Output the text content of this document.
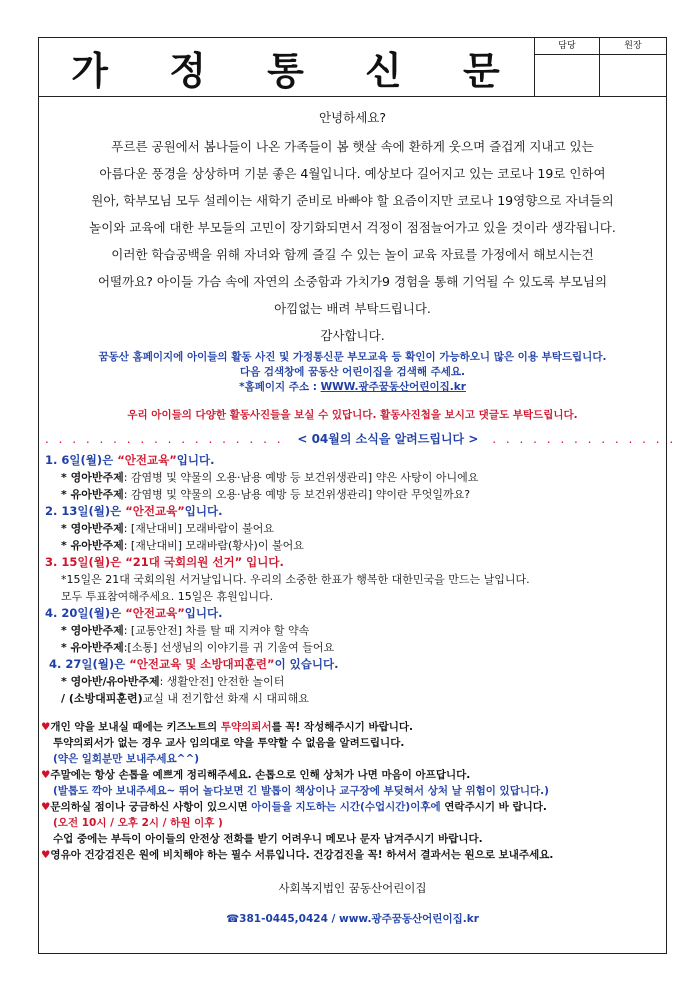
가 정 통 신 문
담당	원장
안녕하세요?
푸르른 공원에서 봄나들이 나온 가족들이 봄 햇살 속에 환하게 웃으며 즐겁게 지내고 있는
아름다운 풍경을 상상하며 기분 좋은 4월입니다. 예상보다 길어지고 있는 코로나 19로 인하여
원아, 학부모님 모두 설레이는 새학기 준비로 바빠야 할 요즘이지만 코로나 19영향으로 자녀들의
놀이와 교육에 대한 부모들의 고민이 장기화되면서 걱정이 점점늘어가고 있을 것이라 생각됩니다.
이러한 학습공백을 위해 자녀와 함께 즐길 수 있는 놀이 교육 자료를 가정에서 해보시는건
어떨까요? 아이들 가슴 속에 자연의 소중함과 가치가9 경험을 통해 기억될 수 있도록 부모님의
아낌없는 배려 부탁드립니다.
감사합니다.
꿈동산 홈페이지에 아이들의 활동 사진 및 가정통신문 부모교육 등 확인이 가능하오니 많은 이용 부탁드립니다.
다음 검색창에 꿈동산 어린이집을 검색해 주세요.
*홈페이지 주소 : WWW.광주꿈동산어린이집.kr
우리 아이들의 다양한 활동사진들을 보실 수 있답니다. 활동사진첩을 보시고 댓글도 부탁드립니다.
. . . . . . . . . . . . . . . . . . < 04월의 소식을 알려드립니다 > . . . . . . . . . . . . . .
1. 6일(월)은 “안전교육”입니다.
* 영아반주제: 감염병 및 약물의 오용·남용 예방 등 보건위생관리] 약은 사탕이 아니에요
* 유아반주제: 감염병 및 약물의 오용·남용 예방 등 보건위생관리] 약이란 무엇일까요?
2. 13일(월)은 “안전교육”입니다.
* 영아반주제: [재난대비] 모래바람이 불어요
* 유아반주제: [재난대비] 모래바람(황사)이 불어요
3. 15일(월)은 “21대 국회의원 선거” 입니다.
*15일은 21대 국회의원 서거날입니다. 우리의 소중한 한표가 행복한 대한민국을 만드는 날입니다.
모두 투표참여해주세요. 15일은 휴원입니다.
4. 20일(월)은 “안전교육”입니다.
* 영아반주제: [교통안전] 차를 탈 때 지켜야 할 약속
* 유아반주제:[소통] 선생님의 이야기를 귀 기울여 들어요
4. 27일(월)은 “안전교육 및 소방대피훈련”이 있습니다.
* 영아반/유아반주제: 생활안전] 안전한 놀이터
/ (소방대피훈련)교실 내 전기합선 화재 시 대피해요
♥개인 약을 보내실 때에는 키즈노트의 투약의뢰서를 꼭! 작성해주시기 바랍니다.
투약의뢰서가 없는 경우 교사 임의대로 약을 투약할 수 없음을 알려드립니다.
(약은 일회분만 보내주세요^^)
♥주말에는 항상 손톱을 예쁘게 정리해주세요. 손톱으로 인해 상처가 나면 마음이 아프답니다.
(발톱도 깍아 보내주세요~ 뛰어 놀다보면 긴 발톱이 책상이나 교구장에 부딪혀서 상처 날 위험이 있답니다.)
♥문의하실 점이나 궁금하신 사항이 있으시면 아이들을 지도하는 시간(수업시간)이후에 연락주시기 바 랍니다.
(오전 10시 / 오후 2시 / 하원 이후 )
수업 중에는 부득이 아이들의 안전상 전화를 받기 어려우니 메모나 문자 남겨주시기 바랍니다.
♥영유아 건강검진은 원에 비치해야 하는 필수 서류입니다. 건강검진을 꼭! 하셔서 결과서는 원으로 보내주세요.
사회복지법인 꿈동산어린이집
☎381-0445,0424 / www.광주꿈동산어린이집.kr
